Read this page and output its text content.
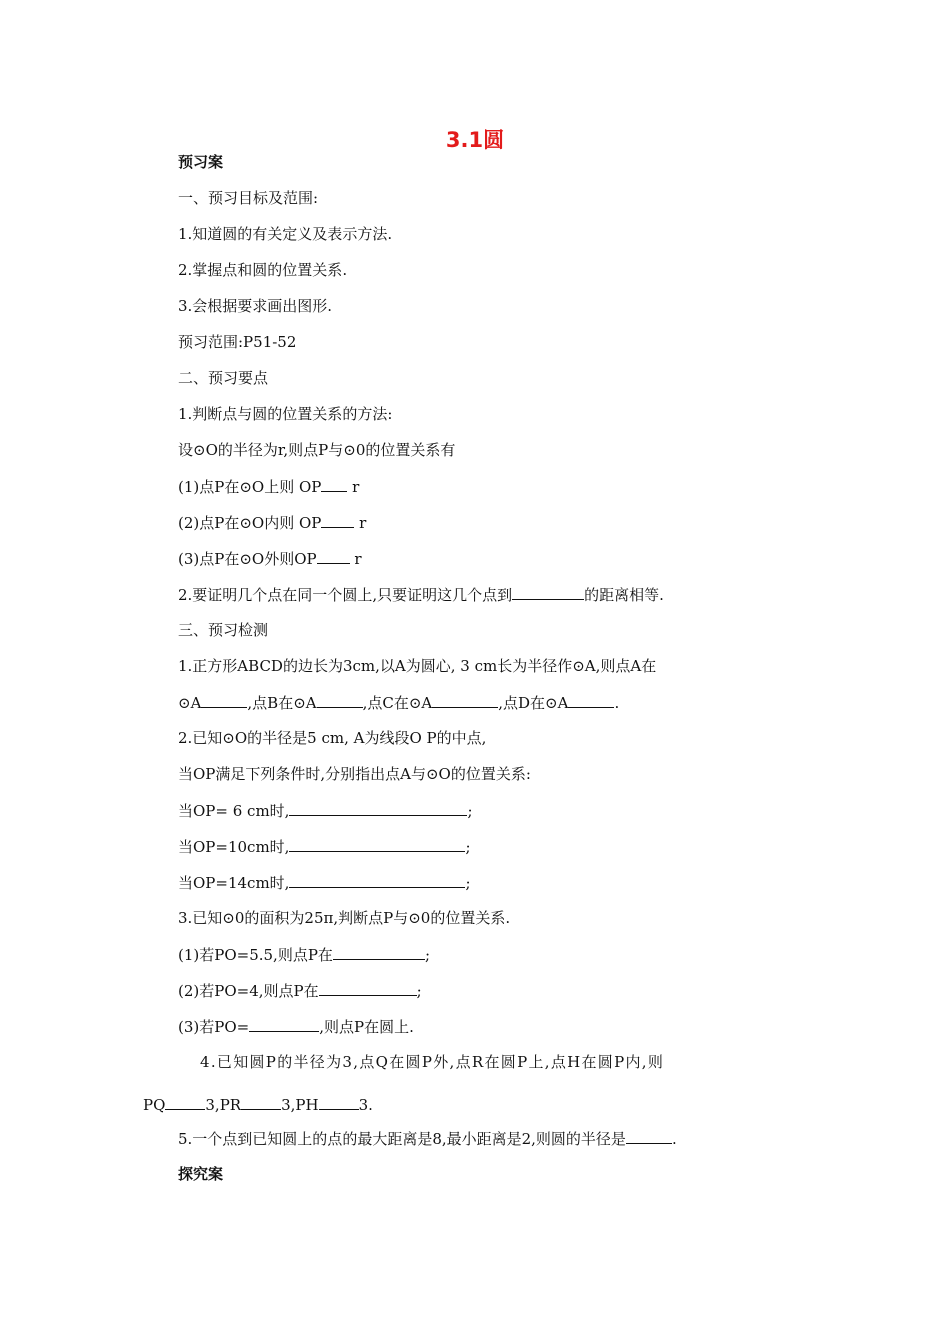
3.1圆
预习案
一、预习目标及范围:
1.知道圆的有关定义及表示方法.
2.掌握点和圆的位置关系.
3.会根据要求画出图形.
预习范围:P51-52
二、预习要点
1.判断点与圆的位置关系的方法:
设⊙O的半径为r,则点P与⊙0的位置关系有
(1)点P在⊙O上则 OP r
(2)点P在⊙O内则 OP r
(3)点P在⊙O外则OP r
2.要证明几个点在同一个圆上,只要证明这几个点到	的距离相等.
三、预习检测
1.正方形ABCD的边长为3cm,以A为圆心, 3 cm长为半径作⊙A,则点A在
⊙A	,点B在⊙A	,点C在⊙A	,点D在⊙A	.
2.已知⊙O的半径是5 cm, A为线段O P的中点,
当OP满足下列条件时,分别指出点A与⊙O的位置关系:
当OP= 6 cm时,	;
当OP=10cm时,	;
当OP=14cm时,	;
3.已知⊙0的面积为25π,判断点P与⊙0的位置关系.
(1)若PO=5.5,则点P在	;
(2)若PO=4,则点P在	;
(3)若PO=	,则点P在圆上.
4.已知圆P的半径为3,点Q在圆P外,点R在圆P上,点H在圆P内,则
PQ	3,PR	3,PH	3.
5.一个点到已知圆上的点的最大距离是8,最小距离是2,则圆的半径是	.
探究案
